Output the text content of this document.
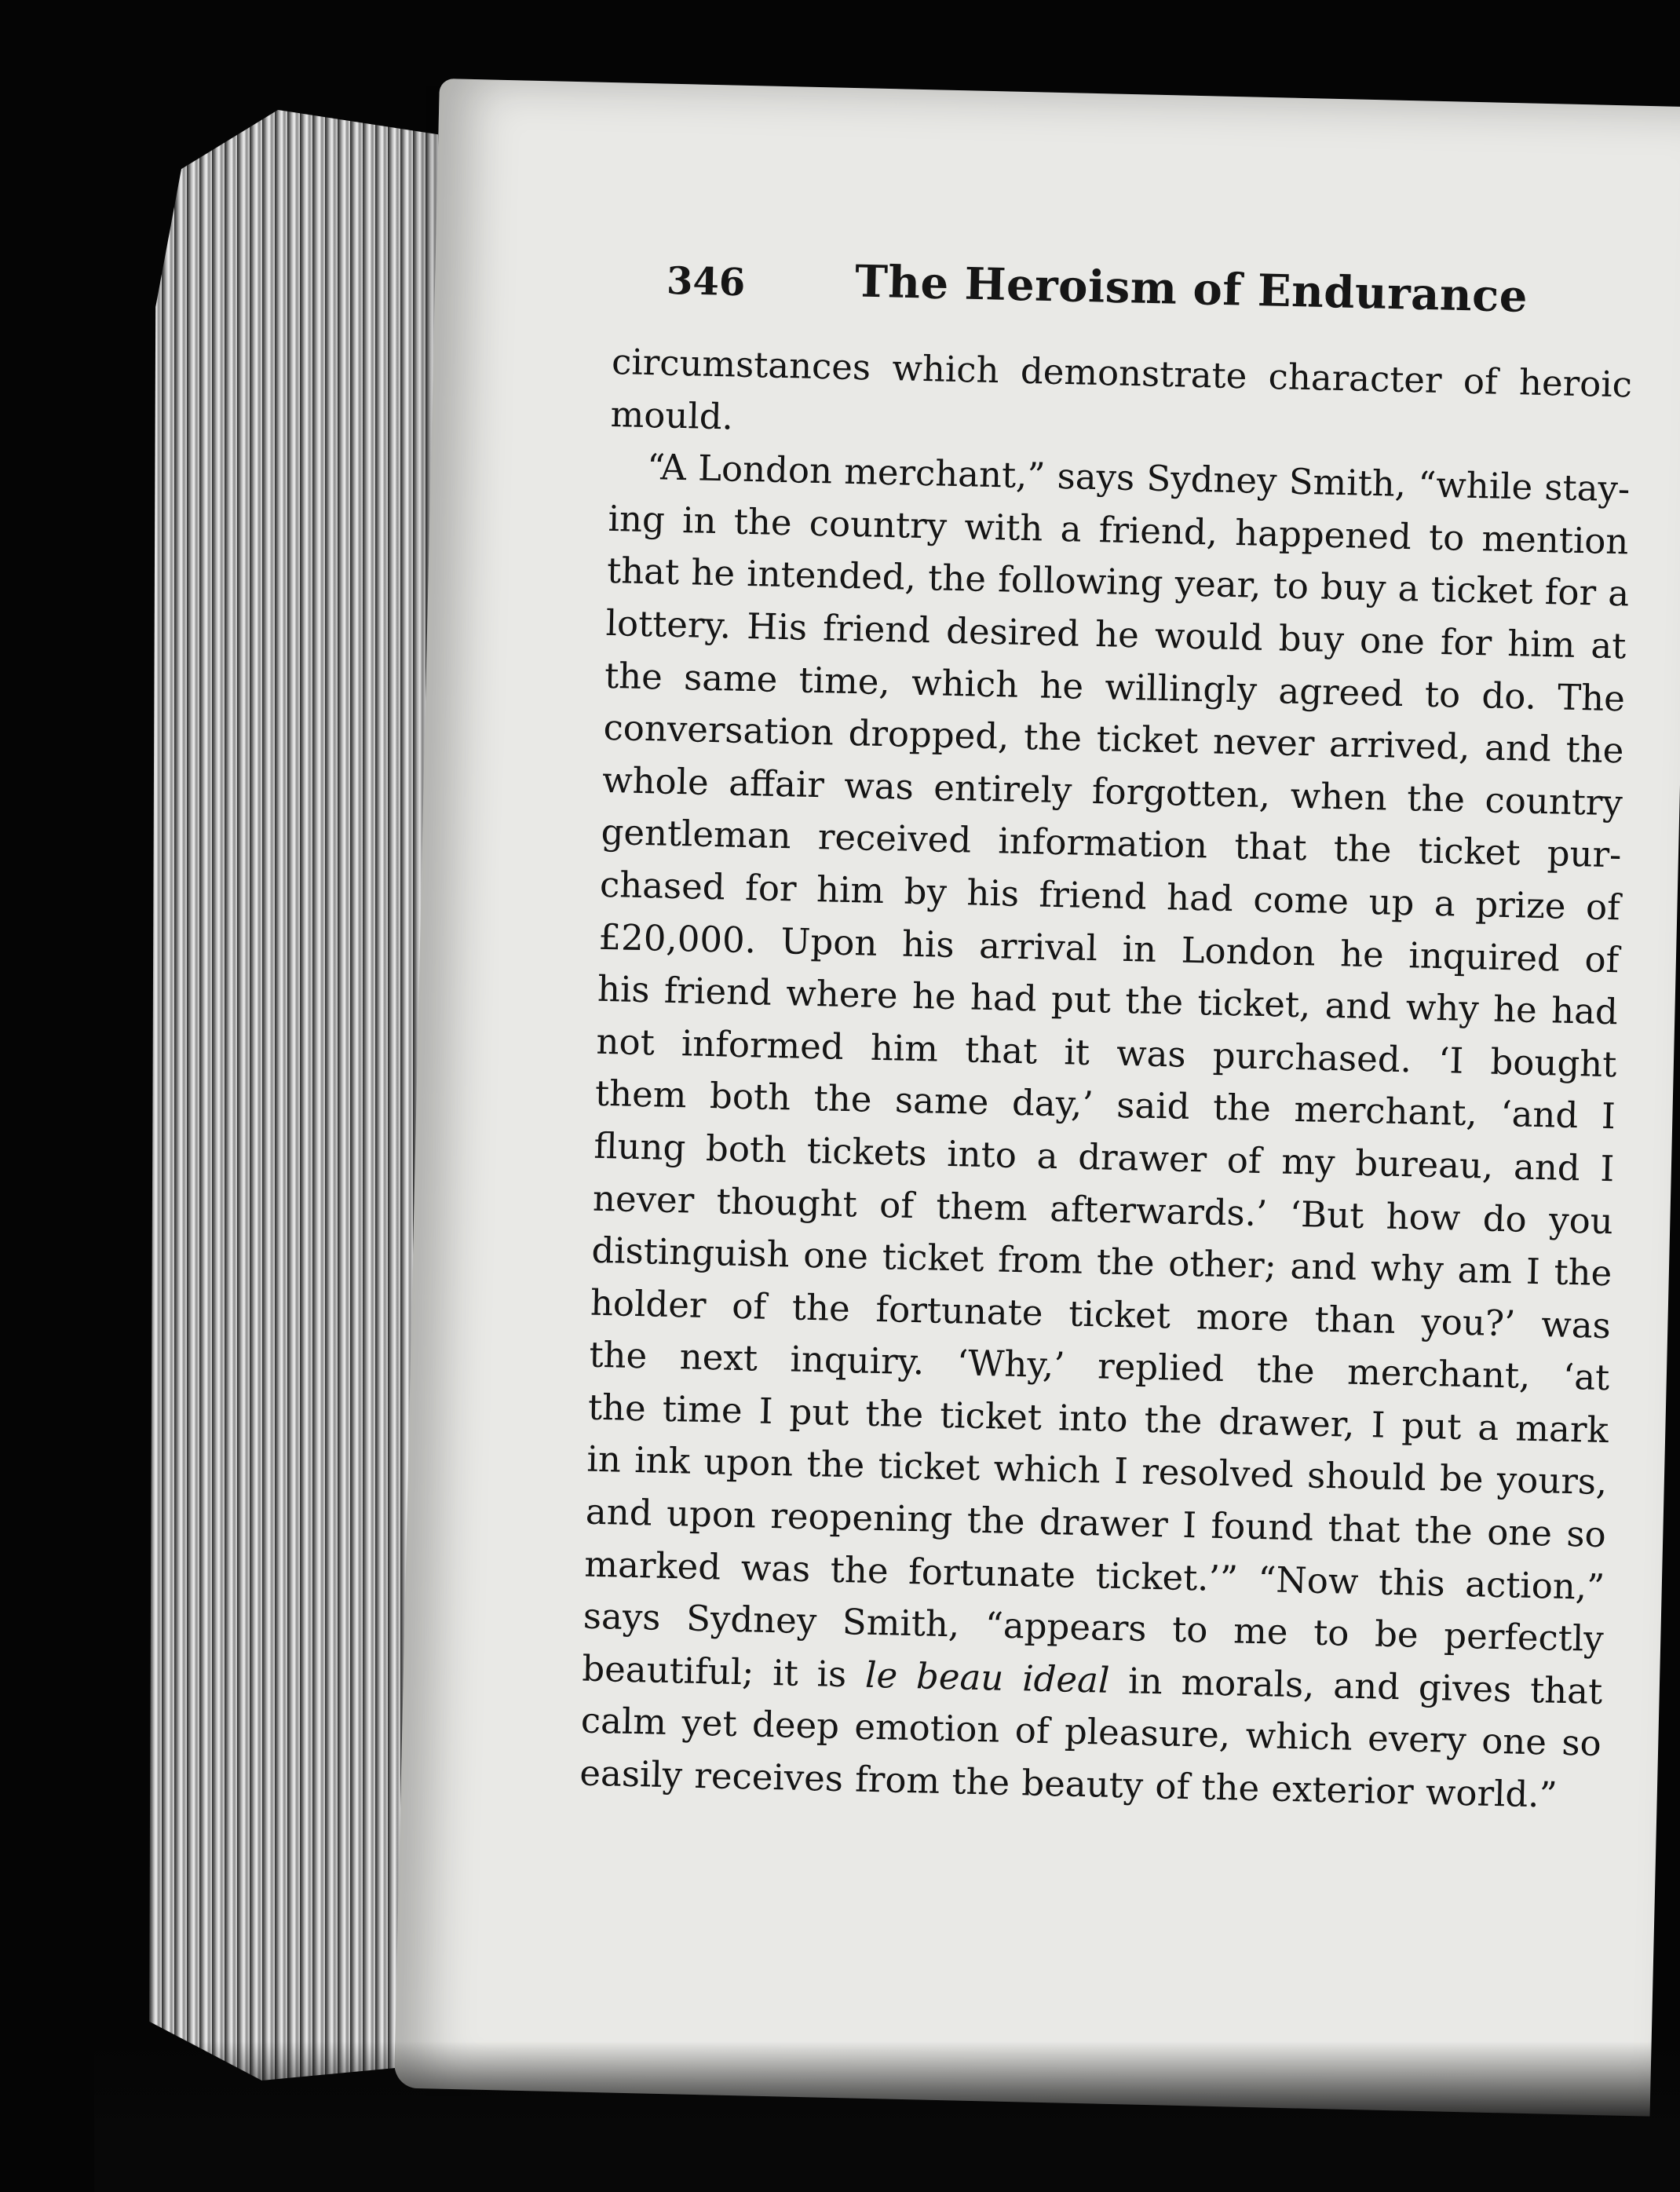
346 The Heroism of Endurance
circumstances which demonstrate character of heroic
mould.
“A London merchant,” says Sydney Smith, “while stay-
ing in the country with a friend, happened to mention
that he intended, the following year, to buy a ticket for a
lottery. His friend desired he would buy one for him at
the same time, which he willingly agreed to do. The
conversation dropped, the ticket never arrived, and the
whole affair was entirely forgotten, when the country
gentleman received information that the ticket pur-
chased for him by his friend had come up a prize of
£20,000. Upon his arrival in London he inquired of
his friend where he had put the ticket, and why he had
not informed him that it was purchased. ‘I bought
them both the same day,’ said the merchant, ‘and I
flung both tickets into a drawer of my bureau, and I
never thought of them afterwards.’ ‘But how do you
distinguish one ticket from the other; and why am I the
holder of the fortunate ticket more than you?’ was
the next inquiry. ‘Why,’ replied the merchant, ‘at
the time I put the ticket into the drawer, I put a mark
in ink upon the ticket which I resolved should be yours,
and upon reopening the drawer I found that the one so
marked was the fortunate ticket.’” “Now this action,”
says Sydney Smith, “appears to me to be perfectly
beautiful; it is le beau ideal in morals, and gives that
calm yet deep emotion of pleasure, which every one so
easily receives from the beauty of the exterior world.”
